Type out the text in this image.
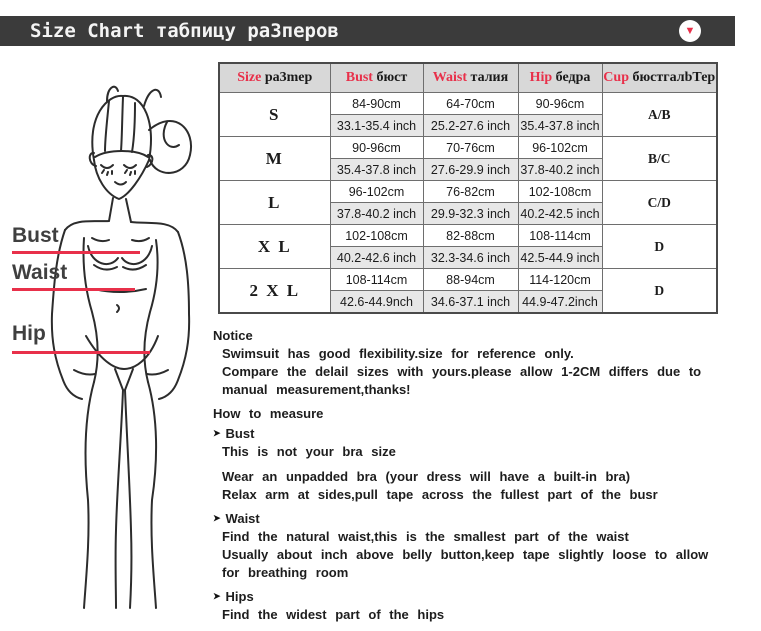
Size Chart табпицу ра3перов	▼
Bust
Waist
Hip
Size ра3mер	Bust бюст	Waist талия	Hip бедра	Cup бюстгалbТер
S	84-90cm	64-70cm	90-96cm	A/B
	33.1-35.4 inch	25.2-27.6 inch	35.4-37.8 inch	
M	90-96cm	70-76cm	96-102cm	B/C
	35.4-37.8 inch	27.6-29.9 inch	37.8-40.2 inch	
L	96-102cm	76-82cm	102-108cm	C/D
	37.8-40.2 inch	29.9-32.3 inch	40.2-42.5 inch	
X L	102-108cm	82-88cm	108-114cm	D
	40.2-42.6 inch	32.3-34.6 inch	42.5-44.9 inch	
2 X L	108-114cm	88-94cm	114-120cm	D
	42.6-44.9nch	34.6-37.1 inch	44.9-47.2inch	
Notice
Swimsuit has good flexibility.size for reference only.
Compare the delail sizes with yours.please allow 1-2CM differs due to
manual measurement,thanks!
How to measure
➤ Bust
This is not your bra size
Wear an unpadded bra (your dress will have a built-in bra)
Relax arm at sides,pull tape across the fullest part of the busr
➤ Waist
Find the natural waist,this is the smallest part of the waist
Usually about inch above belly button,keep tape slightly loose to allow
for breathing room
➤ Hips
Find the widest part of the hips
